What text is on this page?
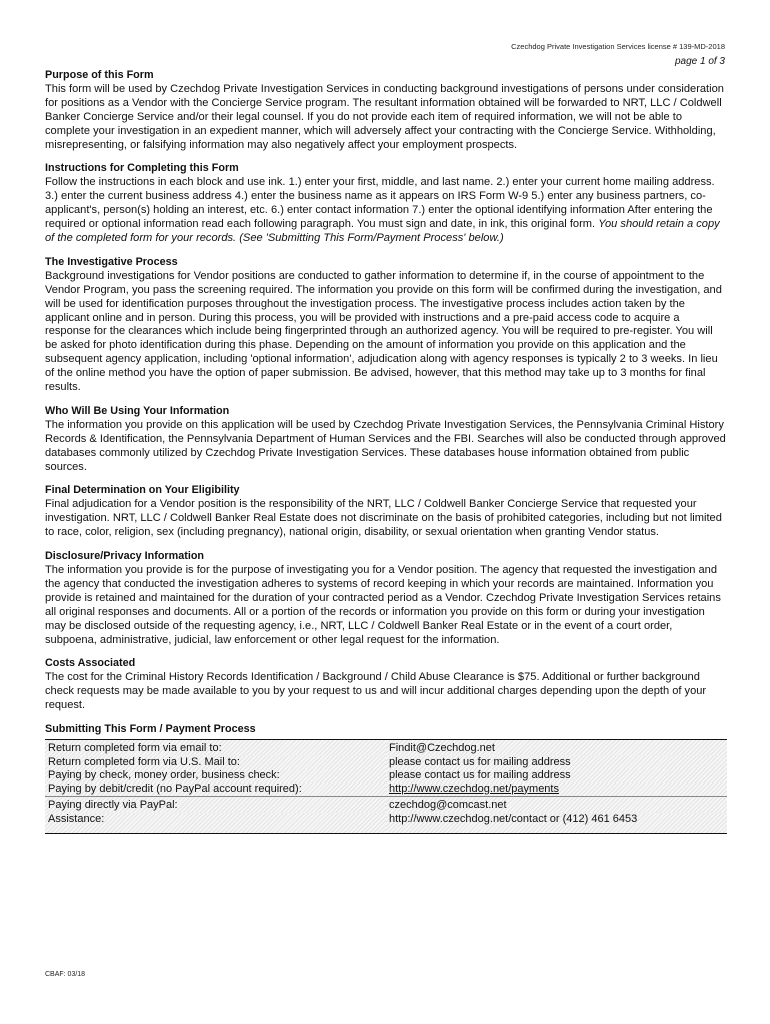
Czechdog Private Investigation Services license # 139-MD-2018
page 1 of 3
Purpose of this Form

This form will be used by Czechdog Private Investigation Services in conducting background investigations of persons under consideration for positions as a Vendor with the Concierge Service program. The resultant information obtained will be forwarded to NRT, LLC / Coldwell Banker Concierge Service and/or their legal counsel. If you do not provide each item of required information, we will not be able to complete your investigation in an expedient manner, which will adversely affect your contracting with the Concierge Service. Withholding, misrepresenting, or falsifying information may also negatively affect your employment prospects.

Instructions for Completing this Form

Follow the instructions in each block and use ink. 1.) enter your first, middle, and last name. 2.) enter your current home mailing address. 3.) enter the current business address 4.) enter the business name as it appears on IRS Form W-9 5.) enter any business partners, co-applicant's, person(s) holding an interest, etc. 6.) enter contact information 7.) enter the optional identifying information After entering the required or optional information read each following paragraph. You must sign and date, in ink, this original form. You should retain a copy of the completed form for your records. (See 'Submitting This Form/Payment Process' below.)

The Investigative Process

Background investigations for Vendor positions are conducted to gather information to determine if, in the course of appointment to the Vendor Program, you pass the screening required. The information you provide on this form will be confirmed during the investigation, and will be used for identification purposes throughout the investigation process. The investigative process includes action taken by the applicant online and in person. During this process, you will be provided with instructions and a pre-paid access code to acquire a response for the clearances which include being fingerprinted through an authorized agency. You will be required to pre-register. You will be asked for photo identification during this phase. Depending on the amount of information you provide on this application and the subsequent agency application, including 'optional information', adjudication along with agency responses is typically 2 to 3 weeks. In lieu of the online method you have the option of paper submission. Be advised, however, that this method may take up to 3 months for final results.

Who Will Be Using Your Information

The information you provide on this application will be used by Czechdog Private Investigation Services, the Pennsylvania Criminal History Records & Identification, the Pennsylvania Department of Human Services and the FBI. Searches will also be conducted through approved databases commonly utilized by Czechdog Private Investigation Services. These databases house information obtained from public sources.

Final Determination on Your Eligibility

Final adjudication for a Vendor position is the responsibility of the NRT, LLC / Coldwell Banker Concierge Service that requested your investigation. NRT, LLC / Coldwell Banker Real Estate does not discriminate on the basis of prohibited categories, including but not limited to race, color, religion, sex (including pregnancy), national origin, disability, or sexual orientation when granting Vendor status.

Disclosure/Privacy Information

The information you provide is for the purpose of investigating you for a Vendor position. The agency that requested the investigation and the agency that conducted the investigation adheres to systems of record keeping in which your records are maintained. Information you provide is retained and maintained for the duration of your contracted period as a Vendor. Czechdog Private Investigation Services retains all original responses and documents. All or a portion of the records or information you provide on this form or during your investigation may be disclosed outside of the requesting agency, i.e., NRT, LLC / Coldwell Banker Real Estate or in the event of a court order, subpoena, administrative, judicial, law enforcement or other legal request for the information.

Costs Associated

The cost for the Criminal History Records Identification / Background / Child Abuse Clearance is $75. Additional or further background check requests may be made available to you by your request to us and will incur additional charges depending upon the depth of your request.

Submitting This Form / Payment Process
Return completed form via email to:	Findit@Czechdog.net
Return completed form via U.S. Mail to:	please contact us for mailing address
Paying by check, money order, business check:	please contact us for mailing address
Paying by debit/credit (no PayPal account required):	http://www.czechdog.net/payments
Paying directly via PayPal:	czechdog@comcast.net
Assistance:	http://www.czechdog.net/contact or (412) 461 6453
CBAF: 03/18
